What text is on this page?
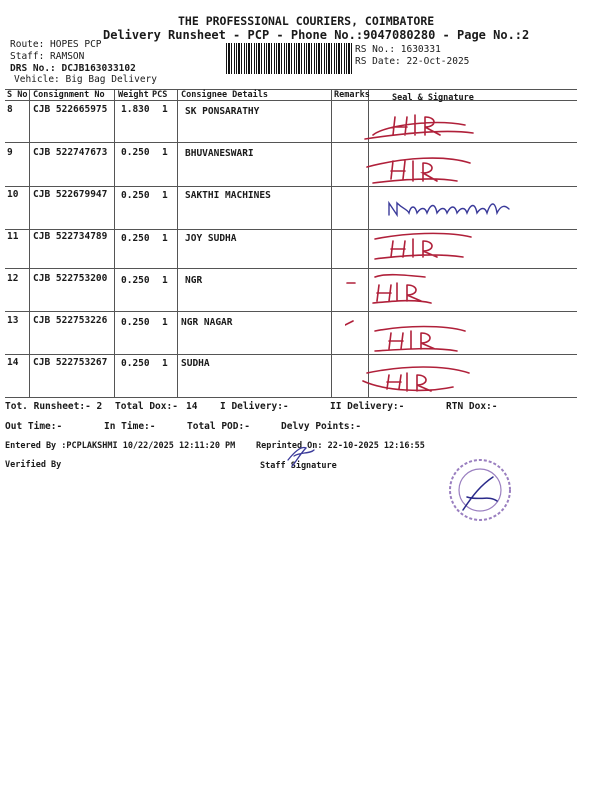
THE PROFESSIONAL COURIERS, COIMBATORE
Delivery Runsheet - PCP - Phone No.:9047080280 - Page No.:2
Route: HOPES PCP
Staff: RAMSON
DRS No.: DCJB163033102
Vehicle: Big Bag Delivery
RS No.: 1630331
RS Date: 22-Oct-2025
S No Consignment No Weight PCS Consignee Details	Remarks	Seal & Signature
8 CJB 522665975 1.830 1 SK PONSARATHY
9 CJB 522747673 0.250 1 BHUVANESWARI
10 CJB 522679947 0.250 1 SAKTHI MACHINES
11 CJB 522734789 0.250 1 JOY SUDHA
12 CJB 522753200 0.250 1 NGR
13 CJB 522753226 0.250 1 NGR NAGAR
14 CJB 522753267 0.250 1 SUDHA
Tot. Runsheet:- 2 Total Dox:- 14 I Delivery:-	II Delivery:-	RTN Dox:-
Out Time:-	In Time:-	Total POD:-	Delvy Points:-
Entered By :PCPLAKSHMI 10/22/2025 12:11:20 PM Reprinted On: 22-10-2025 12:16:55
Verified By	Staff Signature
